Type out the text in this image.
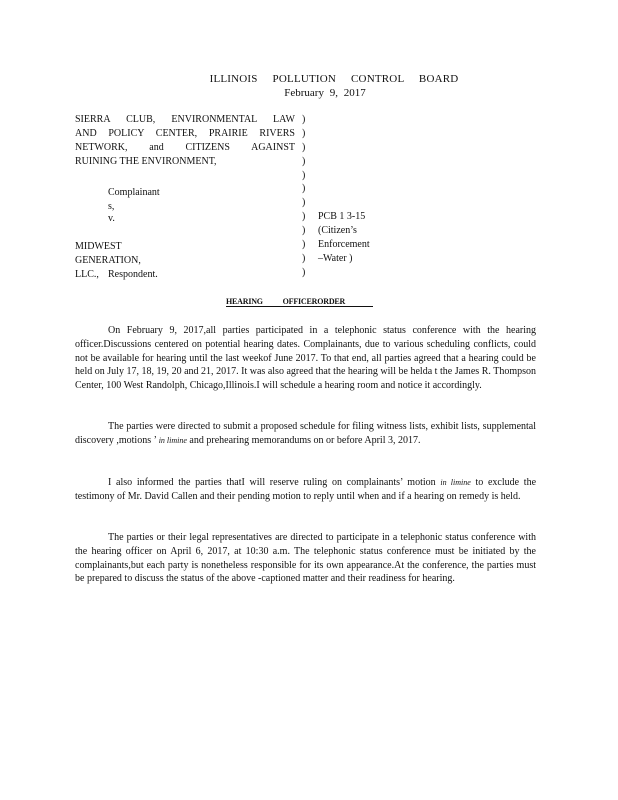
ILLINOIS POLLUTION CONTROL BOARD
February 9, 2017
SIERRA CLUB, ENVIRONMENTAL LAW
AND POLICY CENTER, PRAIRIE RIVERS
NETWORK, and CITIZENS AGAINST
RUINING THE ENVIRONMENT,
Complainant s,
v.
MIDWEST GENERATION, LLC., Respondent.
)
)
)
)
)
)
)
)
)
)
)
)
PCB 1 3-15
(Citizen’s Enforcement –Water )
HEARING OFFICERORDER

On February 9, 2017,all parties participated in a telephonic status conference with the hearing officer.Discussions centered on potential hearing dates. Complainants, due to various scheduling conflicts, could not be available for hearing until the last weekof June 2017. To that end, all parties agreed that a hearing could be held on July 17, 18, 19, 20 and 21, 2017. It was also agreed that the hearing will be helda t the James R. Thompson Center, 100 West Randolph, Chicago,Illinois.I will schedule a hearing room and notice it accordingly.

The parties were directed to submit a proposed schedule for filing witness lists, exhibit lists, supplemental discovery ,motions ’ in limine and prehearing memorandums on or before April 3, 2017.

I also informed the parties thatI will reserve ruling on complainants’ motion in limine to exclude the testimony of Mr. David Callen and their pending motion to reply until when and if a hearing on remedy is held.

The parties or their legal representatives are directed to participate in a telephonic status conference with the hearing officer on April 6, 2017, at 10:30 a.m. The telephonic status conference must be initiated by the complainants,but each party is nonetheless responsible for its own appearance.At the conference, the parties must be prepared to discuss the status of the above -captioned matter and their readiness for hearing.
